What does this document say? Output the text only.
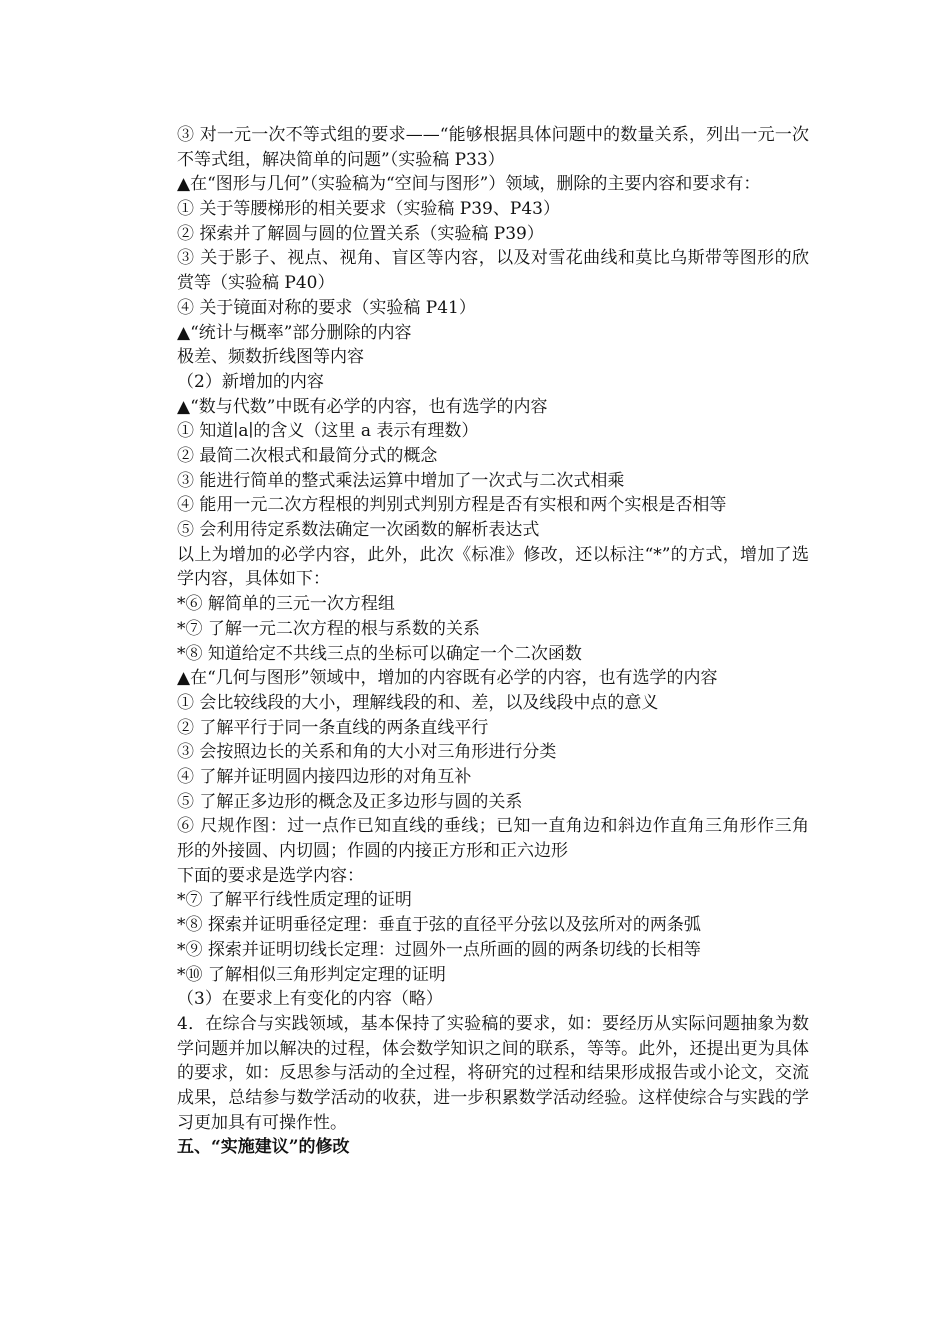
③ 对一元一次不等式组的要求——“能够根据具体问题中的数量关系，列出一元一次不等式组，解决简单的问题”（实验稿 P33）
▲在“图形与几何”（实验稿为“空间与图形”）领域，删除的主要内容和要求有：
① 关于等腰梯形的相关要求（实验稿 P39、P43）
② 探索并了解圆与圆的位置关系（实验稿 P39）
③ 关于影子、视点、视角、盲区等内容，以及对雪花曲线和莫比乌斯带等图形的欣赏等（实验稿 P40）
④ 关于镜面对称的要求（实验稿 P41）
▲“统计与概率”部分删除的内容
极差、频数折线图等内容
（2）新增加的内容
▲“数与代数”中既有必学的内容，也有选学的内容
① 知道∣a∣的含义（这里 a 表示有理数）
② 最简二次根式和最简分式的概念
③ 能进行简单的整式乘法运算中增加了一次式与二次式相乘
④ 能用一元二次方程根的判别式判别方程是否有实根和两个实根是否相等
⑤ 会利用待定系数法确定一次函数的解析表达式
以上为增加的必学内容，此外，此次《标准》修改，还以标注“*”的方式，增加了选学内容，具体如下：
*⑥ 解简单的三元一次方程组
*⑦ 了解一元二次方程的根与系数的关系
*⑧ 知道给定不共线三点的坐标可以确定一个二次函数
▲在“几何与图形”领域中，增加的内容既有必学的内容，也有选学的内容
① 会比较线段的大小，理解线段的和、差，以及线段中点的意义
② 了解平行于同一条直线的两条直线平行
③ 会按照边长的关系和角的大小对三角形进行分类
④ 了解并证明圆内接四边形的对角互补
⑤ 了解正多边形的概念及正多边形与圆的关系
⑥ 尺规作图：过一点作已知直线的垂线；已知一直角边和斜边作直角三角形作三角形的外接圆、内切圆；作圆的内接正方形和正六边形
下面的要求是选学内容：
*⑦ 了解平行线性质定理的证明
*⑧ 探索并证明垂径定理：垂直于弦的直径平分弦以及弦所对的两条弧
*⑨ 探索并证明切线长定理：过圆外一点所画的圆的两条切线的长相等
*⑩ 了解相似三角形判定定理的证明
（3）在要求上有变化的内容（略）
4．在综合与实践领域，基本保持了实验稿的要求，如：要经历从实际问题抽象为数学问题并加以解决的过程，体会数学知识之间的联系，等等。此外，还提出更为具体的要求，如：反思参与活动的全过程，将研究的过程和结果形成报告或小论文，交流成果，总结参与数学活动的收获，进一步积累数学活动经验。这样使综合与实践的学习更加具有可操作性。
五、“实施建议”的修改
